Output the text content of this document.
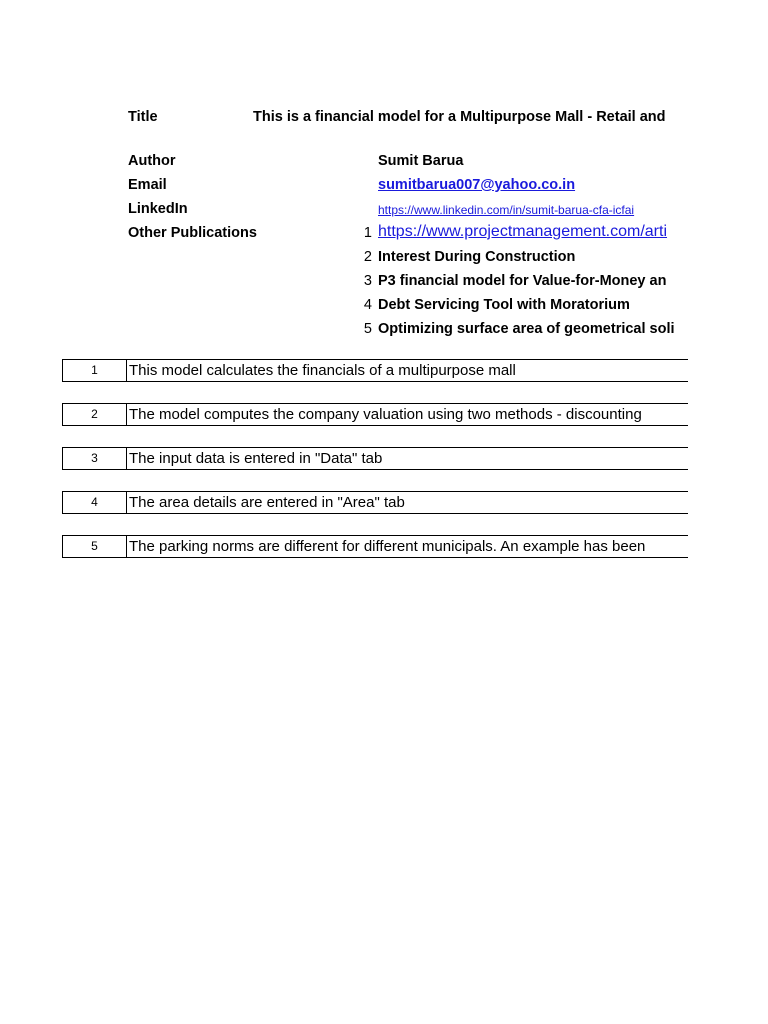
Title	This is a financial model for a Multipurpose Mall - Retail and
Author	Sumit Barua
Email	sumitbarua007@yahoo.co.in
LinkedIn	https://www.linkedin.com/in/sumit-barua-cfa-icfai
Other Publications	1 https://www.projectmanagement.com/arti
2 Interest During Construction
3 P3 financial model for Value-for-Money an
4 Debt Servicing Tool with Moratorium
5 Optimizing surface area of geometrical soli
1	This model calculates the financials of a multipurpose mall
2	The model computes the company valuation using two methods - discounting
3	The input data is entered in "Data" tab
4	The area details are entered in "Area" tab
5	The parking norms are different for different municipals. An example has been
